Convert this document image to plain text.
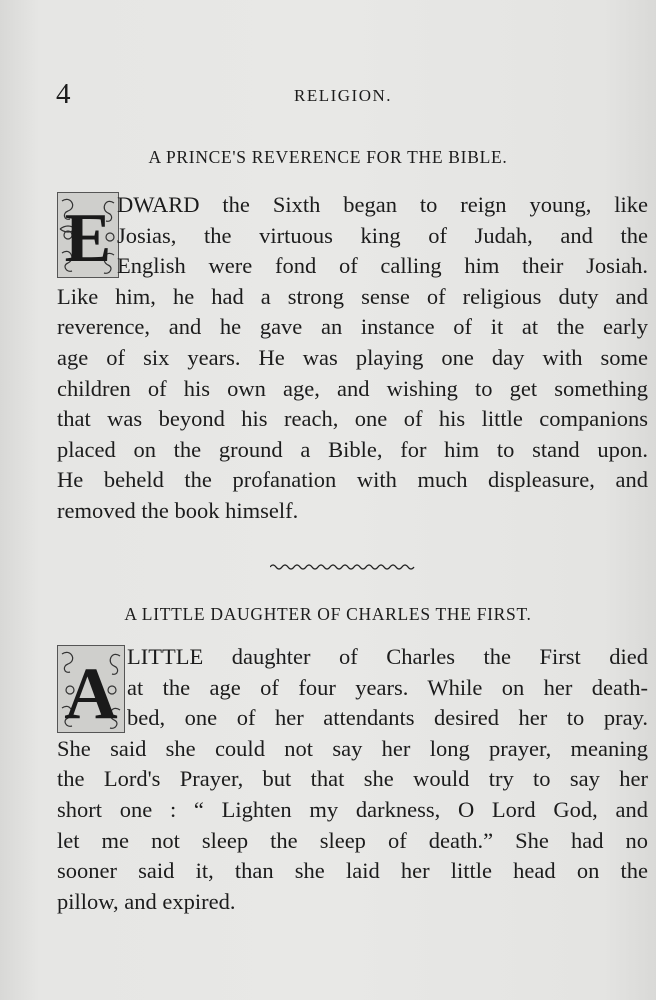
4	RELIGION.
A PRINCE'S REVERENCE FOR THE BIBLE.
E DWARD the Sixth began to reign young, like
Josias, the virtuous king of Judah, and the
English were fond of calling him their Josiah.
Like him, he had a strong sense of religious duty and
reverence, and he gave an instance of it at the early
age of six years. He was playing one day with some
children of his own age, and wishing to get something
that was beyond his reach, one of his little companions
placed on the ground a Bible, for him to stand upon.
He beheld the profanation with much displeasure, and
removed the book himself.
A LITTLE DAUGHTER OF CHARLES THE FIRST.
A LITTLE daughter of Charles the First died
at the age of four years. While on her death-
bed, one of her attendants desired her to pray.
She said she could not say her long prayer, meaning
the Lord's Prayer, but that she would try to say her
short one : “ Lighten my darkness, O Lord God, and
let me not sleep the sleep of death.” She had no
sooner said it, than she laid her little head on the
pillow, and expired.
